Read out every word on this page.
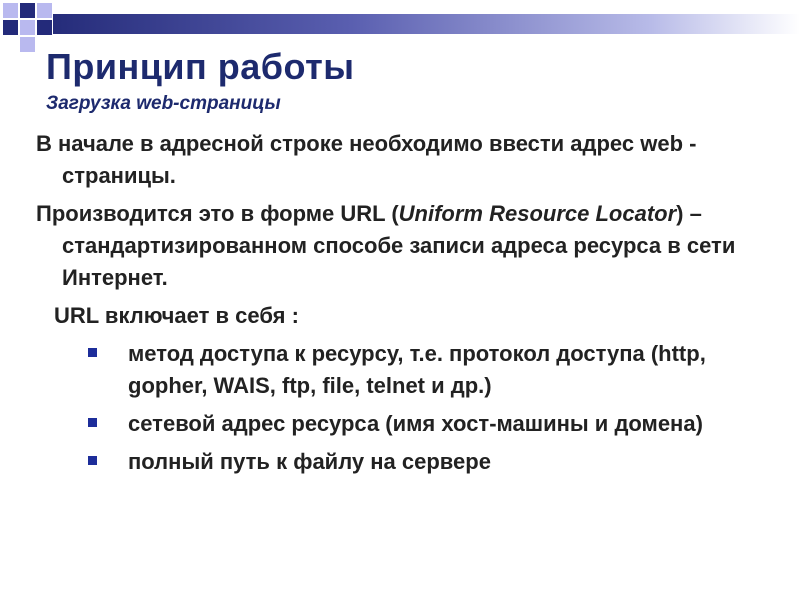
Принцип работы
Загрузка web-страницы

В начале в адресной строке необходимо ввести адрес web - страницы.

Производится это в форме URL (Uniform Resource Locator) – стандартизированном способе записи адреса ресурса в сети Интернет.

URL включает в себя :

метод доступа к ресурсу, т.е. протокол доступа (http, gopher, WAIS, ftp, file, telnet и др.)
сетевой адрес ресурса (имя хост-машины и домена)
полный путь к файлу на сервере
